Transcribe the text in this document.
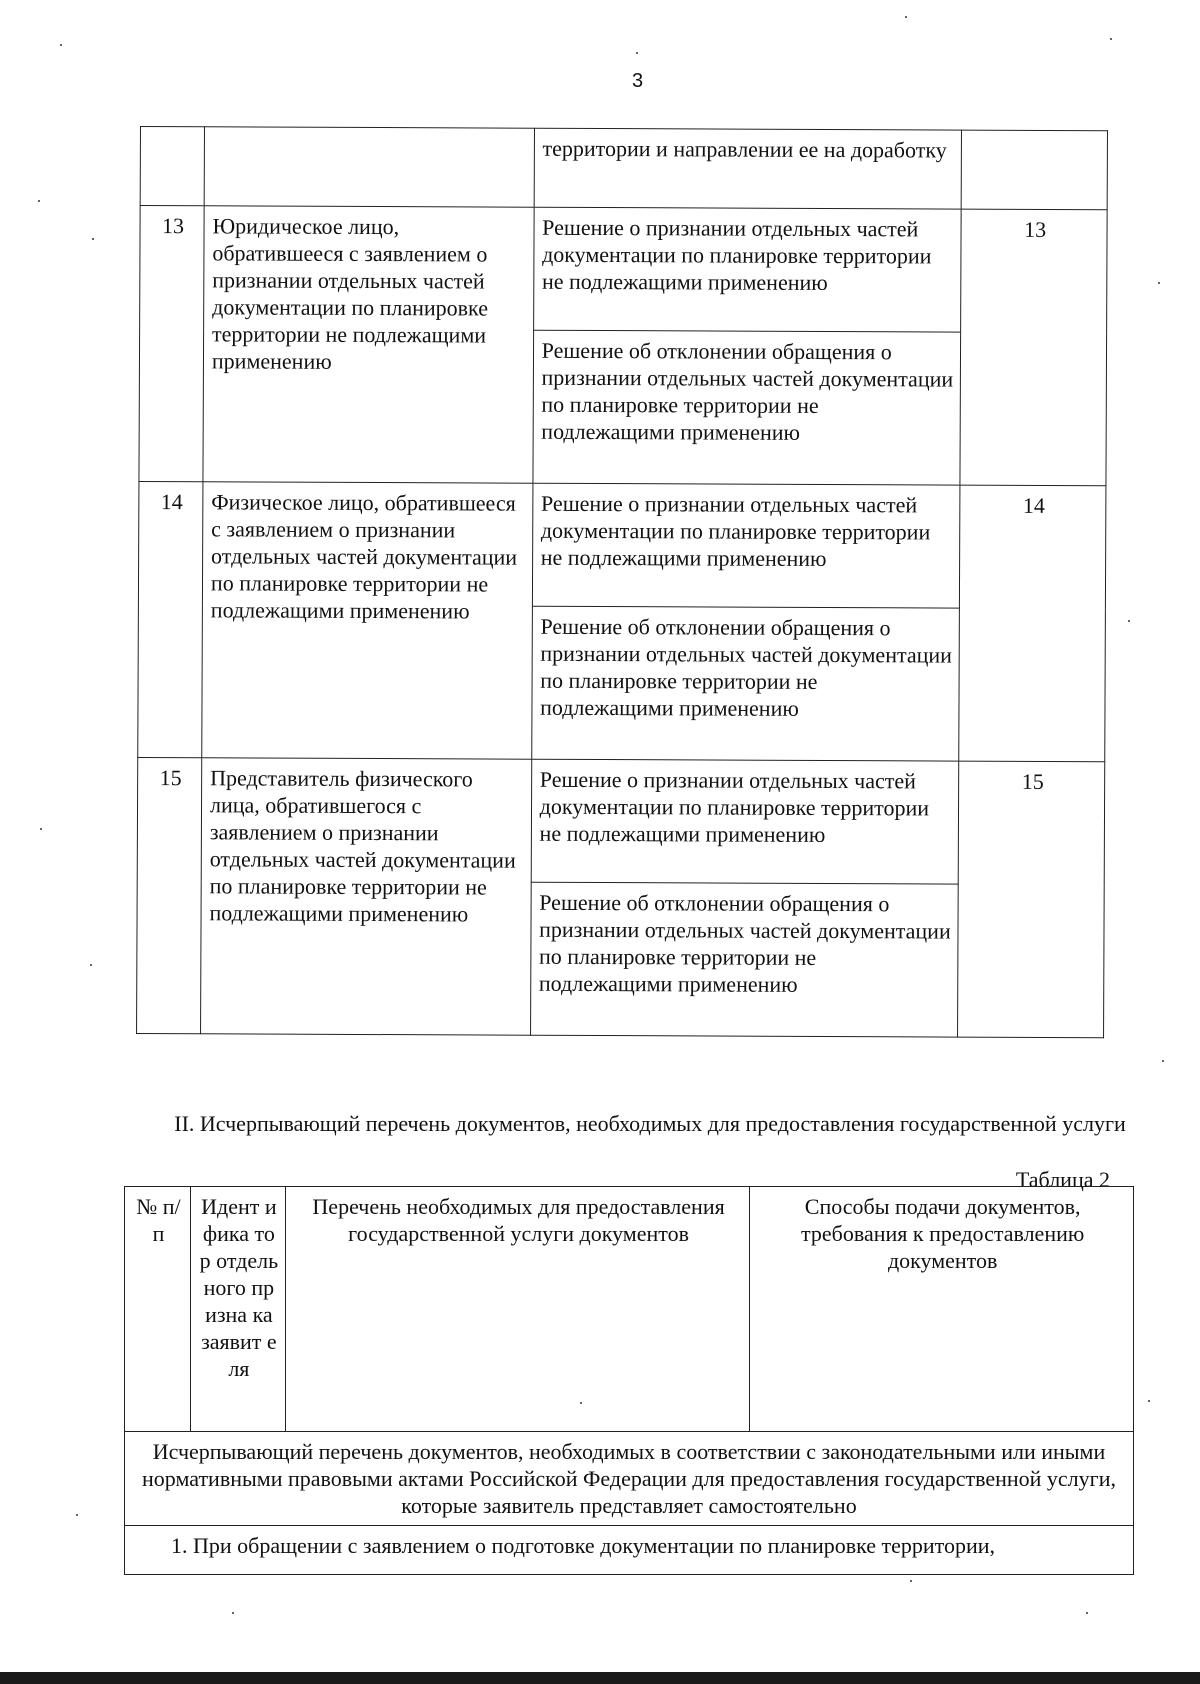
3
		территории и направлении ее на доработку	
13	Юридическое лицо, обратившееся с заявлением о признании отдельных частей документации по планировке территории не подлежащими применению	Решение о признании отдельных частей документации по планировке территории не подлежащими применению	13
		Решение об отклонении обращения о признании отдельных частей документации по планировке территории не подлежащими применению	
14	Физическое лицо, обратившееся с заявлением о признании отдельных частей документации по планировке территории не подлежащими применению	Решение о признании отдельных частей документации по планировке территории не подлежащими применению	14
		Решение об отклонении обращения о признании отдельных частей документации по планировке территории не подлежащими применению	
15	Представитель физического лица, обратившегося с заявлением о признании отдельных частей документации по планировке территории не подлежащими применению	Решение о признании отдельных частей документации по планировке территории не подлежащими применению	15
		Решение об отклонении обращения о признании отдельных частей документации по планировке территории не подлежащими применению	
II. Исчерпывающий перечень документов, необходимых для предоставления государственной услуги
Таблица 2
№ п/п	Идент ифика тор отдель ного призна ка заявит еля	Перечень необходимых для предоставления государственной услуги документов	Способы подачи документов, требования к предоставлению документов
Исчерпывающий перечень документов, необходимых в соответствии с законодательными или иными нормативными правовыми актами Российской Федерации для предоставления государственной услуги, которые заявитель представляет самостоятельно
1. При обращении с заявлением о подготовке документации по планировке территории,
